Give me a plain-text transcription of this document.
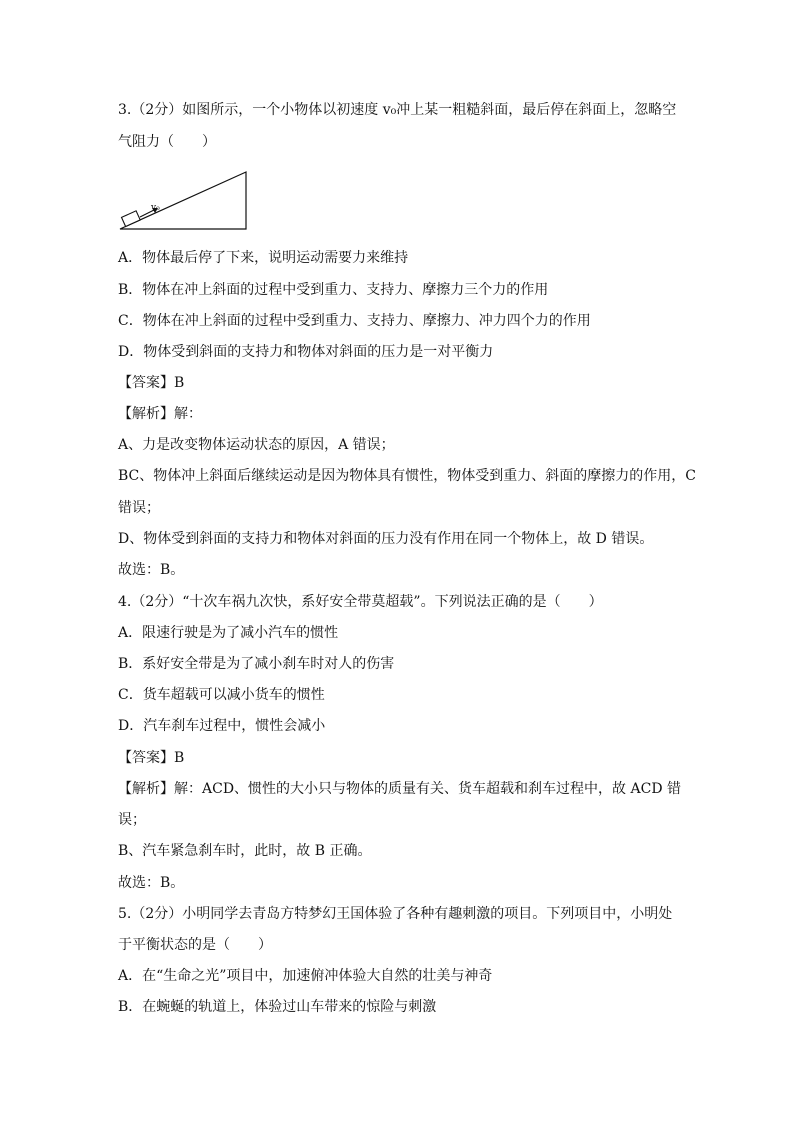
3.（2分）如图所示，一个小物体以初速度 v₀冲上某一粗糙斜面，最后停在斜面上，忽略空
气阻力（　　）
v₀
A．物体最后停了下来，说明运动需要力来维持
B．物体在冲上斜面的过程中受到重力、支持力、摩擦力三个力的作用
C．物体在冲上斜面的过程中受到重力、支持力、摩擦力、冲力四个力的作用
D．物体受到斜面的支持力和物体对斜面的压力是一对平衡力
【答案】B
【解析】解：
A、力是改变物体运动状态的原因，A 错误；
BC、物体冲上斜面后继续运动是因为物体具有惯性，物体受到重力、斜面的摩擦力的作用，C
错误；
D、物体受到斜面的支持力和物体对斜面的压力没有作用在同一个物体上，故 D 错误。
故选：B。
4.（2分）“十次车祸九次快，系好安全带莫超载”。下列说法正确的是（　　）
A．限速行驶是为了减小汽车的惯性
B．系好安全带是为了减小刹车时对人的伤害
C．货车超载可以减小货车的惯性
D．汽车刹车过程中，惯性会减小
【答案】B
【解析】解：ACD、惯性的大小只与物体的质量有关、货车超载和刹车过程中，故 ACD 错
误；
B、汽车紧急刹车时，此时，故 B 正确。
故选：B。
5.（2分）小明同学去青岛方特梦幻王国体验了各种有趣刺激的项目。下列项目中，小明处
于平衡状态的是（　　）
A．在“生命之光”项目中，加速俯冲体验大自然的壮美与神奇
B．在蜿蜒的轨道上，体验过山车带来的惊险与刺激
